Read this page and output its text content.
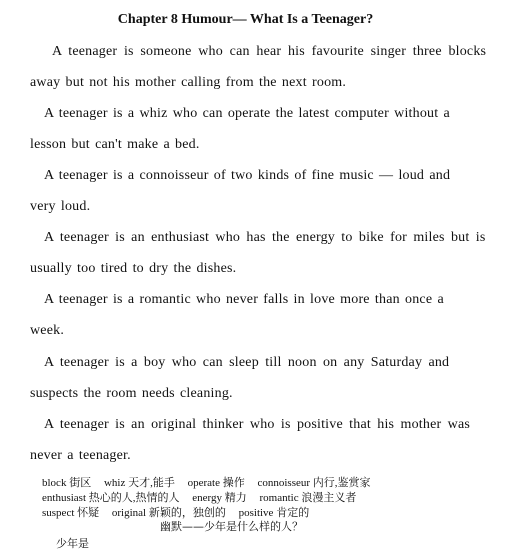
Chapter 8 Humour— What Is a Teenager?
A teenager is someone who can hear his favourite singer three blocks
away but not his mother calling from the next room.
A teenager is a whiz who can operate the latest computer without a
lesson but can't make a bed.
A teenager is a connoisseur of two kinds of fine music — loud and
very loud.
A teenager is an enthusiast who has the energy to bike for miles but is
usually too tired to dry the dishes.
A teenager is a romantic who never falls in love more than once a
week.
A teenager is a boy who can sleep till noon on any Saturday and
suspects the room needs cleaning.
A teenager is an original thinker who is positive that his mother was
never a teenager.
block 街区 whiz 天才,能手 operate 操作 connoisseur 内行,鉴赏家
enthusiast 热心的人,热情的人 energy 精力 romantic 浪漫主义者
suspect 怀疑 original 新颖的，独创的 positive 肯定的
幽默——少年是什么样的人？
少年是
